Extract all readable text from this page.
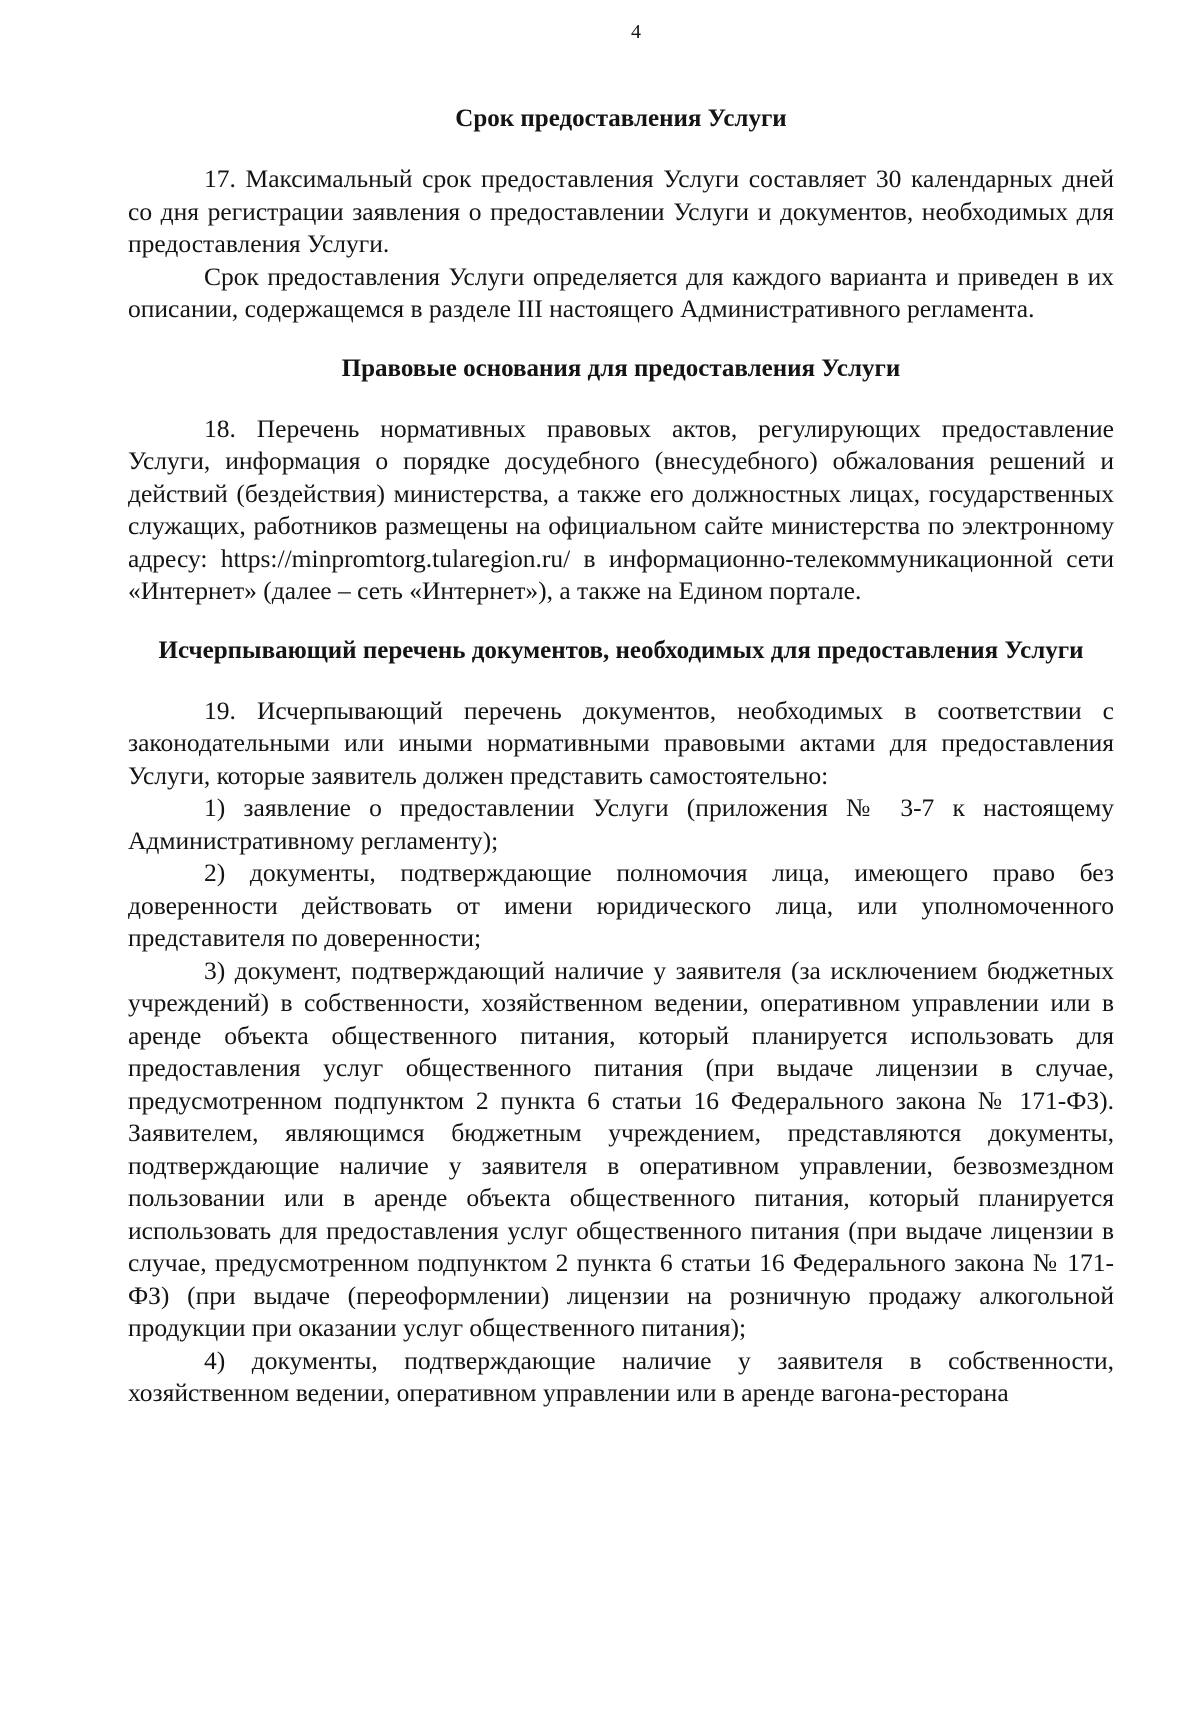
4
Срок предоставления Услуги

17. Максимальный срок предоставления Услуги составляет 30 календарных дней со дня регистрации заявления о предоставлении Услуги и документов, необходимых для предоставления Услуги.

Срок предоставления Услуги определяется для каждого варианта и приведен в их описании, содержащемся в разделе III настоящего Административного регламента.

Правовые основания для предоставления Услуги

18. Перечень нормативных правовых актов, регулирующих предоставление Услуги, информация о порядке досудебного (внесудебного) обжалования решений и действий (бездействия) министерства, а также его должностных лицах, государственных служащих, работников размещены на официальном сайте министерства по электронному адресу: https://minpromtorg.tularegion.ru/ в информационно-телекоммуникационной сети «Интернет» (далее – сеть «Интернет»), а также на Едином портале.

Исчерпывающий перечень документов, необходимых для предоставления Услуги

19. Исчерпывающий перечень документов, необходимых в соответствии с законодательными или иными нормативными правовыми актами для предоставления Услуги, которые заявитель должен представить самостоятельно:

1) заявление о предоставлении Услуги (приложения № 3-7 к настоящему Административному регламенту);

2) документы, подтверждающие полномочия лица, имеющего право без доверенности действовать от имени юридического лица, или уполномоченного представителя по доверенности;

3) документ, подтверждающий наличие у заявителя (за исключением бюджетных учреждений) в собственности, хозяйственном ведении, оперативном управлении или в аренде объекта общественного питания, который планируется использовать для предоставления услуг общественного питания (при выдаче лицензии в случае, предусмотренном подпунктом 2 пункта 6 статьи 16 Федерального закона № 171-ФЗ). Заявителем, являющимся бюджетным учреждением, представляются документы, подтверждающие наличие у заявителя в оперативном управлении, безвозмездном пользовании или в аренде объекта общественного питания, который планируется использовать для предоставления услуг общественного питания (при выдаче лицензии в случае, предусмотренном подпунктом 2 пункта 6 статьи 16 Федерального закона № 171-ФЗ) (при выдаче (переоформлении) лицензии на розничную продажу алкогольной продукции при оказании услуг общественного питания);

4) документы, подтверждающие наличие у заявителя в собственности, хозяйственном ведении, оперативном управлении или в аренде вагона-ресторана
